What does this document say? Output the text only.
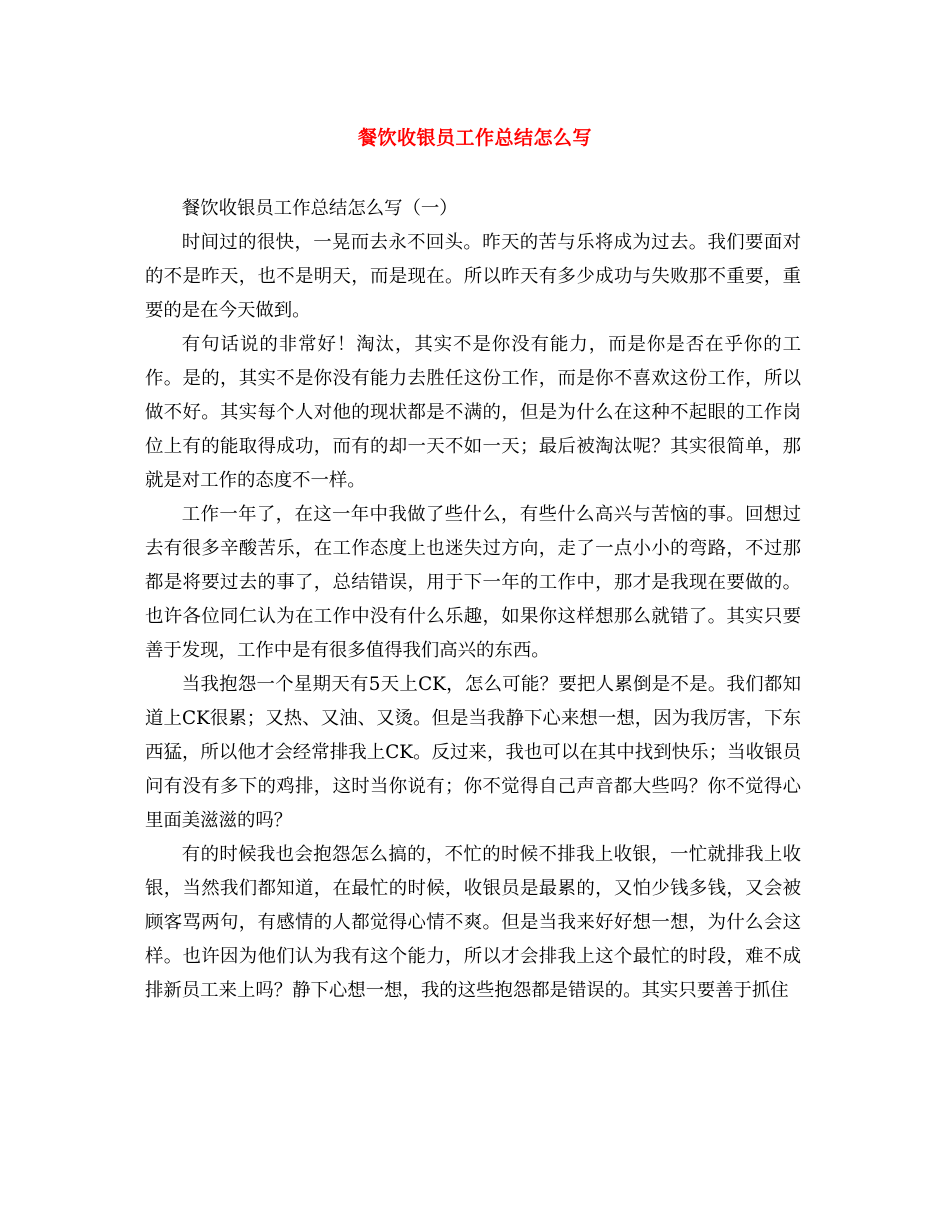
餐饮收银员工作总结怎么写

餐饮收银员工作总结怎么写（一）

时间过的很快，一晃而去永不回头。昨天的苦与乐将成为过去。我们要面对的不是昨天，也不是明天，而是现在。所以昨天有多少成功与失败那不重要，重要的是在今天做到。

有句话说的非常好！淘汰，其实不是你没有能力，而是你是否在乎你的工作。是的，其实不是你没有能力去胜任这份工作，而是你不喜欢这份工作，所以做不好。其实每个人对他的现状都是不满的，但是为什么在这种不起眼的工作岗位上有的能取得成功，而有的却一天不如一天；最后被淘汰呢？其实很简单，那就是对工作的态度不一样。

工作一年了，在这一年中我做了些什么，有些什么高兴与苦恼的事。回想过去有很多辛酸苦乐，在工作态度上也迷失过方向，走了一点小小的弯路，不过那都是将要过去的事了，总结错误，用于下一年的工作中，那才是我现在要做的。也许各位同仁认为在工作中没有什么乐趣，如果你这样想那么就错了。其实只要善于发现，工作中是有很多值得我们高兴的东西。

当我抱怨一个星期天有5天上CK，怎么可能？要把人累倒是不是。我们都知道上CK很累；又热、又油、又烫。但是当我静下心来想一想，因为我厉害，下东西猛，所以他才会经常排我上CK。反过来，我也可以在其中找到快乐；当收银员问有没有多下的鸡排，这时当你说有；你不觉得自己声音都大些吗？你不觉得心里面美滋滋的吗？

有的时候我也会抱怨怎么搞的，不忙的时候不排我上收银，一忙就排我上收银，当然我们都知道，在最忙的时候，收银员是最累的，又怕少钱多钱，又会被顾客骂两句，有感情的人都觉得心情不爽。但是当我来好好想一想，为什么会这样。也许因为他们认为我有这个能力，所以才会排我上这个最忙的时段，难不成排新员工来上吗？静下心想一想，我的这些抱怨都是错误的。其实只要善于抓住
